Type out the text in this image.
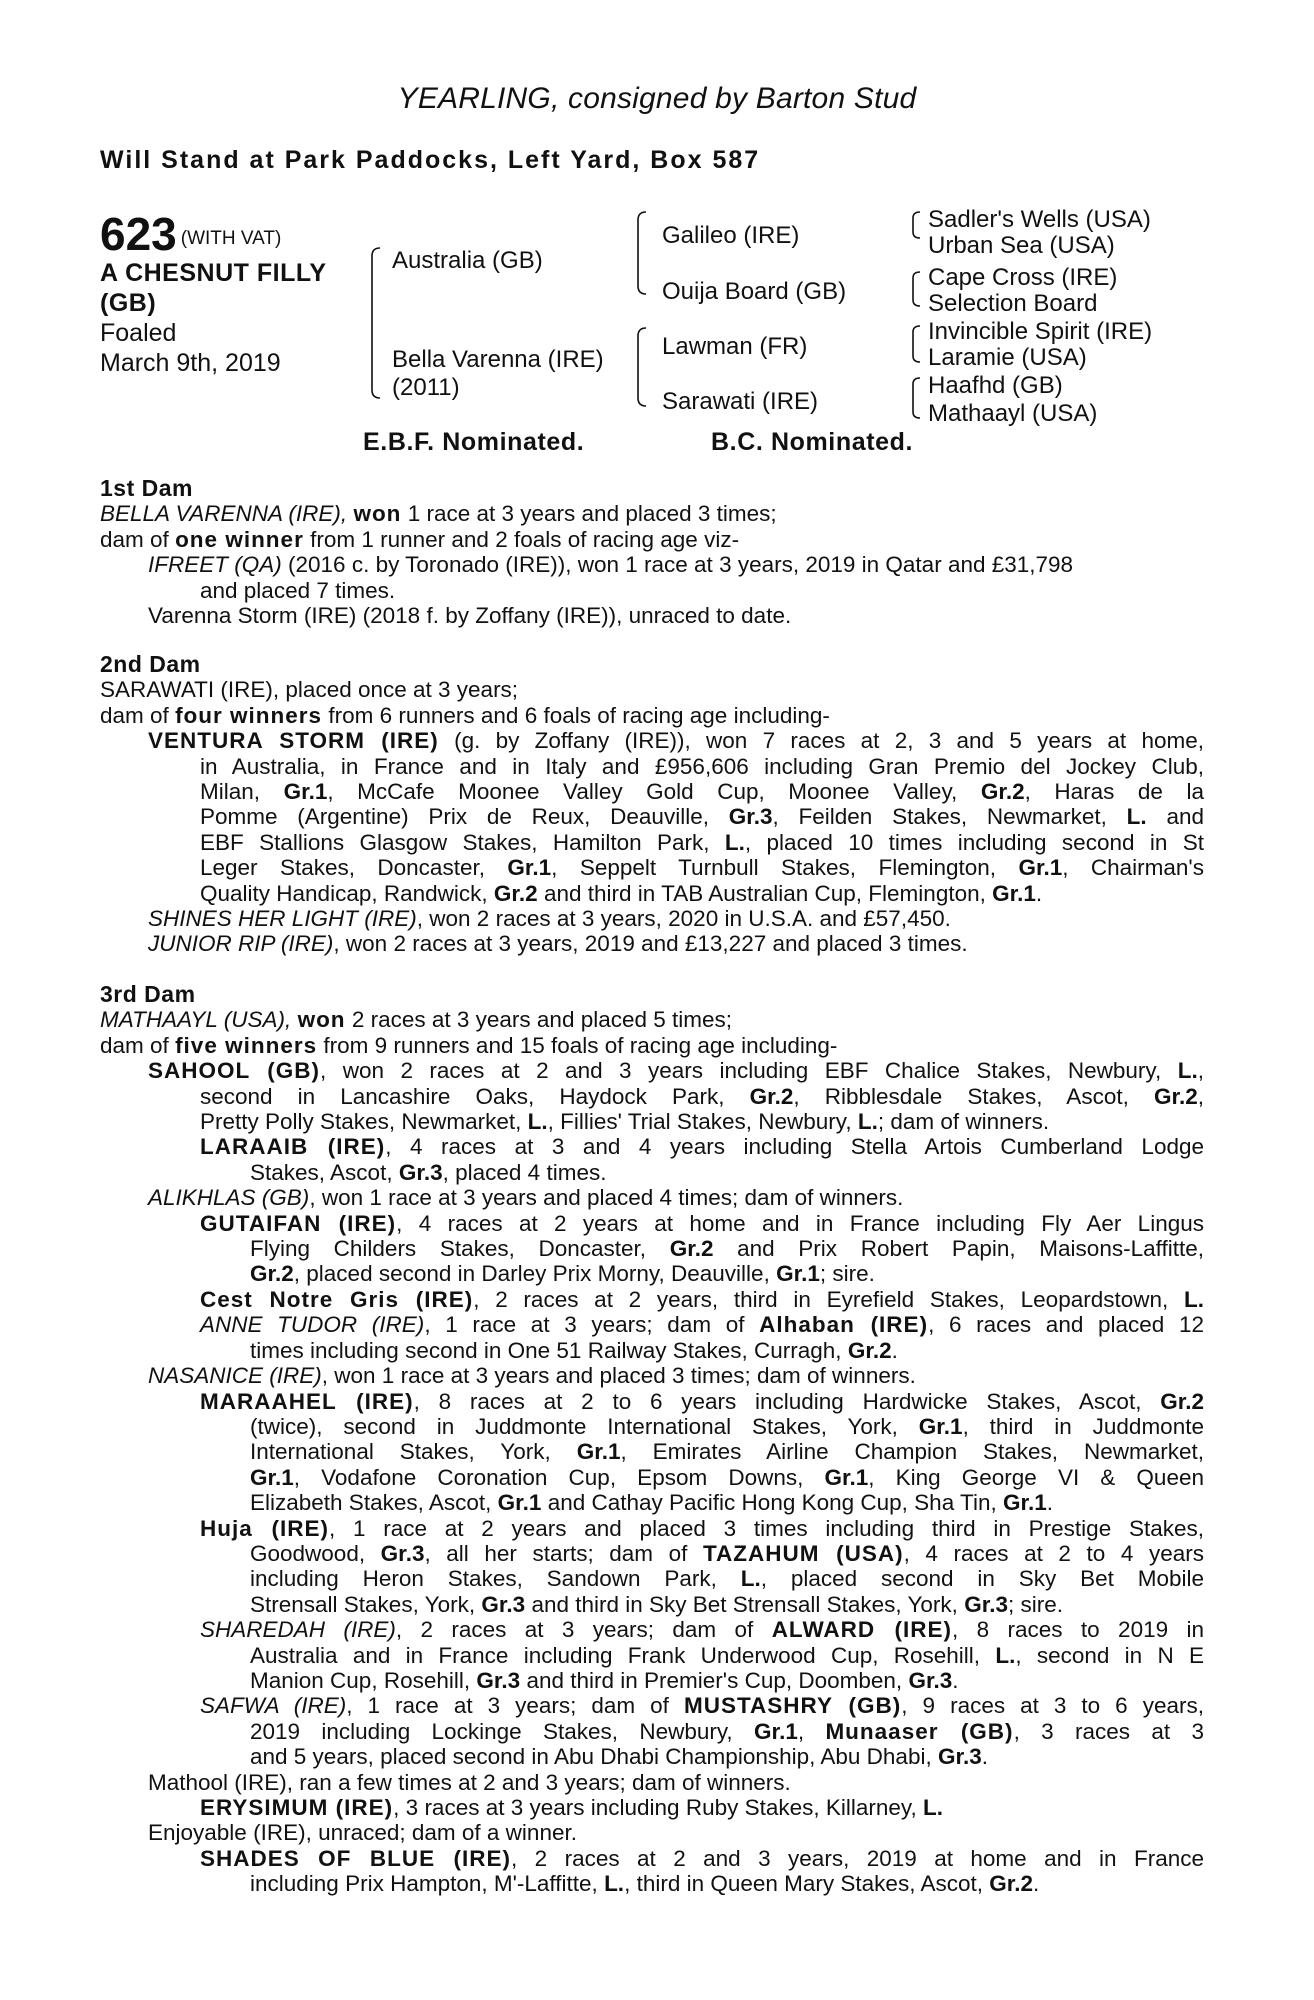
YEARLING, consigned by Barton Stud
Will Stand at Park Paddocks, Left Yard, Box 587
623 $^{(WITH VAT)}$
A CHESNUT FILLY
(GB)
Foaled
March 9th, 2019
Australia (GB)
Bella Varenna (IRE)
(2011)
Galileo (IRE)
Ouija Board (GB)
Lawman (FR)
Sarawati (IRE)
Sadler's Wells (USA)
Urban Sea (USA)
Cape Cross (IRE)
Selection Board
Invincible Spirit (IRE)
Laramie (USA)
Haafhd (GB)
Mathaayl (USA)
E.B.F. Nominated.	B.C. Nominated.
1st Dam
BELLA VARENNA (IRE), won 1 race at 3 years and placed 3 times;
dam of one winner from 1 runner and 2 foals of racing age viz-
IFREET (QA) (2016 c. by Toronado (IRE)), won 1 race at 3 years, 2019 in Qatar and £31,798
and placed 7 times.
Varenna Storm (IRE) (2018 f. by Zoffany (IRE)), unraced to date.
2nd Dam
SARAWATI (IRE), placed once at 3 years;
dam of four winners from 6 runners and 6 foals of racing age including-
VENTURA STORM (IRE) (g. by Zoffany (IRE)), won 7 races at 2, 3 and 5 years at home,
in Australia, in France and in Italy and £956,606 including Gran Premio del Jockey Club,
Milan, Gr.1, McCafe Moonee Valley Gold Cup, Moonee Valley, Gr.2, Haras de la
Pomme (Argentine) Prix de Reux, Deauville, Gr.3, Feilden Stakes, Newmarket, L. and
EBF Stallions Glasgow Stakes, Hamilton Park, L., placed 10 times including second in St
Leger Stakes, Doncaster, Gr.1, Seppelt Turnbull Stakes, Flemington, Gr.1, Chairman's
Quality Handicap, Randwick, Gr.2 and third in TAB Australian Cup, Flemington, Gr.1.
SHINES HER LIGHT (IRE), won 2 races at 3 years, 2020 in U.S.A. and £57,450.
JUNIOR RIP (IRE), won 2 races at 3 years, 2019 and £13,227 and placed 3 times.
3rd Dam
MATHAAYL (USA), won 2 races at 3 years and placed 5 times;
dam of five winners from 9 runners and 15 foals of racing age including-
SAHOOL (GB), won 2 races at 2 and 3 years including EBF Chalice Stakes, Newbury, L.,
second in Lancashire Oaks, Haydock Park, Gr.2, Ribblesdale Stakes, Ascot, Gr.2,
Pretty Polly Stakes, Newmarket, L., Fillies' Trial Stakes, Newbury, L.; dam of winners.
LARAAIB (IRE), 4 races at 3 and 4 years including Stella Artois Cumberland Lodge
Stakes, Ascot, Gr.3, placed 4 times.
ALIKHLAS (GB), won 1 race at 3 years and placed 4 times; dam of winners.
GUTAIFAN (IRE), 4 races at 2 years at home and in France including Fly Aer Lingus
Flying Childers Stakes, Doncaster, Gr.2 and Prix Robert Papin, Maisons-Laffitte,
Gr.2, placed second in Darley Prix Morny, Deauville, Gr.1; sire.
Cest Notre Gris (IRE), 2 races at 2 years, third in Eyrefield Stakes, Leopardstown, L.
ANNE TUDOR (IRE), 1 race at 3 years; dam of Alhaban (IRE), 6 races and placed 12
times including second in One 51 Railway Stakes, Curragh, Gr.2.
NASANICE (IRE), won 1 race at 3 years and placed 3 times; dam of winners.
MARAAHEL (IRE), 8 races at 2 to 6 years including Hardwicke Stakes, Ascot, Gr.2
(twice), second in Juddmonte International Stakes, York, Gr.1, third in Juddmonte
International Stakes, York, Gr.1, Emirates Airline Champion Stakes, Newmarket,
Gr.1, Vodafone Coronation Cup, Epsom Downs, Gr.1, King George VI & Queen
Elizabeth Stakes, Ascot, Gr.1 and Cathay Pacific Hong Kong Cup, Sha Tin, Gr.1.
Huja (IRE), 1 race at 2 years and placed 3 times including third in Prestige Stakes,
Goodwood, Gr.3, all her starts; dam of TAZAHUM (USA), 4 races at 2 to 4 years
including Heron Stakes, Sandown Park, L., placed second in Sky Bet Mobile
Strensall Stakes, York, Gr.3 and third in Sky Bet Strensall Stakes, York, Gr.3; sire.
SHAREDAH (IRE), 2 races at 3 years; dam of ALWARD (IRE), 8 races to 2019 in
Australia and in France including Frank Underwood Cup, Rosehill, L., second in N E
Manion Cup, Rosehill, Gr.3 and third in Premier's Cup, Doomben, Gr.3.
SAFWA (IRE), 1 race at 3 years; dam of MUSTASHRY (GB), 9 races at 3 to 6 years,
2019 including Lockinge Stakes, Newbury, Gr.1, Munaaser (GB), 3 races at 3
and 5 years, placed second in Abu Dhabi Championship, Abu Dhabi, Gr.3.
Mathool (IRE), ran a few times at 2 and 3 years; dam of winners.
ERYSIMUM (IRE), 3 races at 3 years including Ruby Stakes, Killarney, L.
Enjoyable (IRE), unraced; dam of a winner.
SHADES OF BLUE (IRE), 2 races at 2 and 3 years, 2019 at home and in France
including Prix Hampton, M'-Laffitte, L., third in Queen Mary Stakes, Ascot, Gr.2.
